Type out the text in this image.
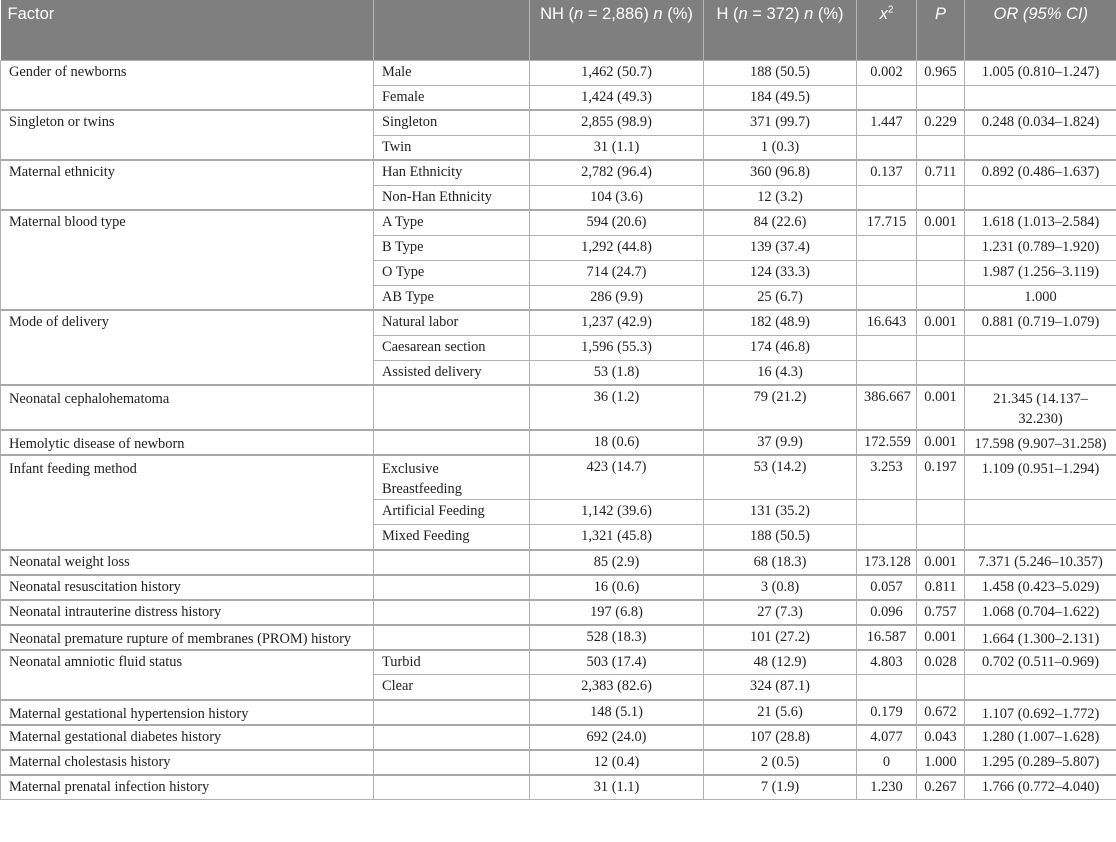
Factor		NH (n = 2,886) n (%)	H (n = 372) n (%)	$x^2$	P	OR (95% CI)
Gender of newborns	Male	1,462 (50.7)	188 (50.5)	0.002	0.965	1.005 (0.810–1.247)
	Female	1,424 (49.3)	184 (49.5)			
Singleton or twins	Singleton	2,855 (98.9)	371 (99.7)	1.447	0.229	0.248 (0.034–1.824)
	Twin	31 (1.1)	1 (0.3)			
Maternal ethnicity	Han Ethnicity	2,782 (96.4)	360 (96.8)	0.137	0.711	0.892 (0.486–1.637)
	Non-Han Ethnicity	104 (3.6)	12 (3.2)			
Maternal blood type	A Type	594 (20.6)	84 (22.6)	17.715	0.001	1.618 (1.013–2.584)
	B Type	1,292 (44.8)	139 (37.4)			1.231 (0.789–1.920)
	O Type	714 (24.7)	124 (33.3)			1.987 (1.256–3.119)
	AB Type	286 (9.9)	25 (6.7)			1.000
Mode of delivery	Natural labor	1,237 (42.9)	182 (48.9)	16.643	0.001	0.881 (0.719–1.079)
	Caesarean section	1,596 (55.3)	174 (46.8)			
	Assisted delivery	53 (1.8)	16 (4.3)			
Neonatal cephalohematoma		36 (1.2)	79 (21.2)	386.667	0.001	21.345 (14.137–32.230)
Hemolytic disease of newborn		18 (0.6)	37 (9.9)	172.559	0.001	17.598 (9.907–31.258)
Infant feeding method	Exclusive Breastfeeding	423 (14.7)	53 (14.2)	3.253	0.197	1.109 (0.951–1.294)
	Artificial Feeding	1,142 (39.6)	131 (35.2)			
	Mixed Feeding	1,321 (45.8)	188 (50.5)			
Neonatal weight loss		85 (2.9)	68 (18.3)	173.128	0.001	7.371 (5.246–10.357)
Neonatal resuscitation history		16 (0.6)	3 (0.8)	0.057	0.811	1.458 (0.423–5.029)
Neonatal intrauterine distress history		197 (6.8)	27 (7.3)	0.096	0.757	1.068 (0.704–1.622)
Neonatal premature rupture of membranes (PROM) history		528 (18.3)	101 (27.2)	16.587	0.001	1.664 (1.300–2.131)
Neonatal amniotic fluid status	Turbid	503 (17.4)	48 (12.9)	4.803	0.028	0.702 (0.511–0.969)
	Clear	2,383 (82.6)	324 (87.1)			
Maternal gestational hypertension history		148 (5.1)	21 (5.6)	0.179	0.672	1.107 (0.692–1.772)
Maternal gestational diabetes history		692 (24.0)	107 (28.8)	4.077	0.043	1.280 (1.007–1.628)
Maternal cholestasis history		12 (0.4)	2 (0.5)	0	1.000	1.295 (0.289–5.807)
Maternal prenatal infection history		31 (1.1)	7 (1.9)	1.230	0.267	1.766 (0.772–4.040)
